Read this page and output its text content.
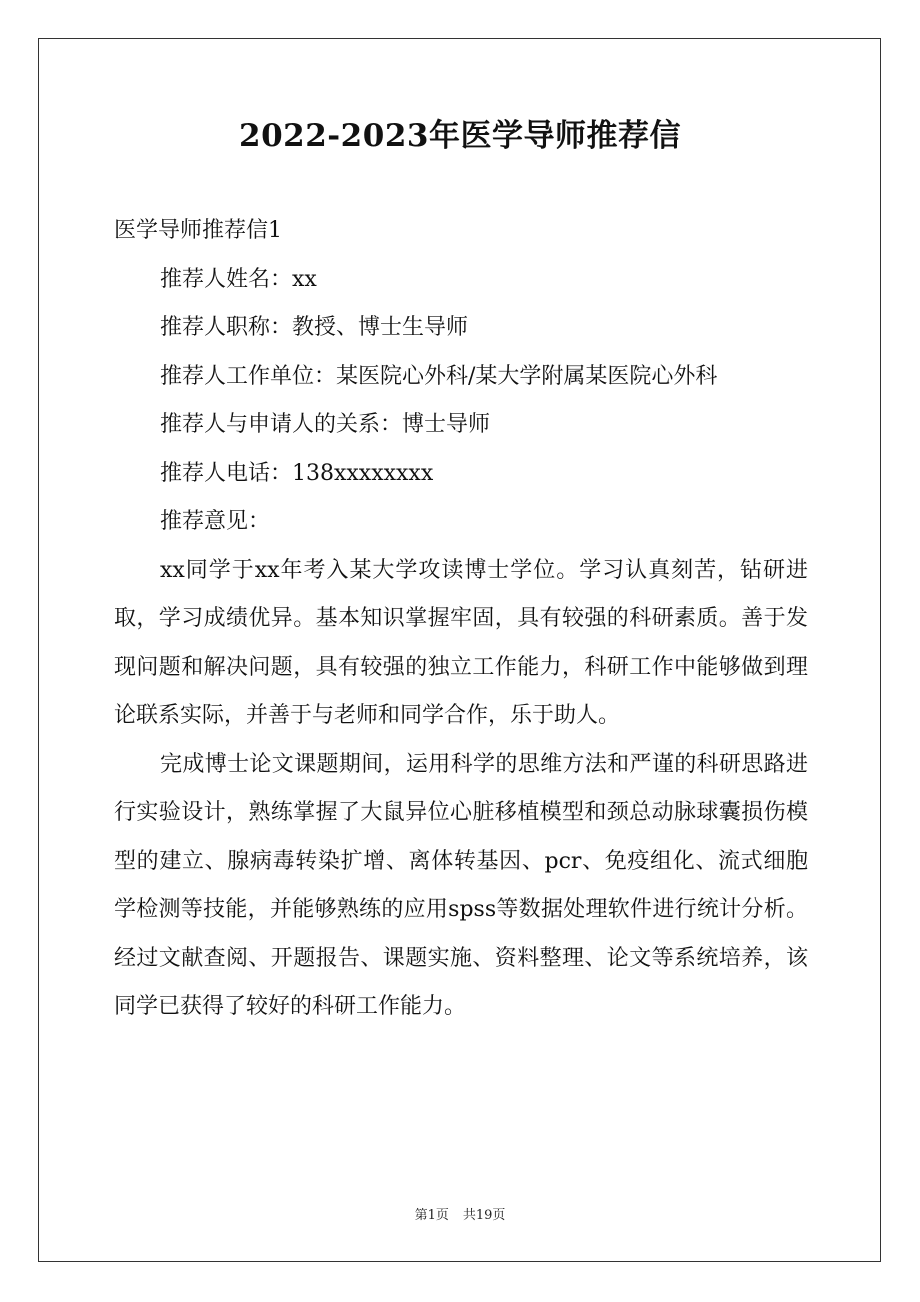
2022-2023年医学导师推荐信

医学导师推荐信1

推荐人姓名：xx

推荐人职称：教授、博士生导师

推荐人工作单位：某医院心外科/某大学附属某医院心外科

推荐人与申请人的关系：博士导师

推荐人电话：138xxxxxxxx

推荐意见：

xx同学于xx年考入某大学攻读博士学位。学习认真刻苦，钻研进取，学习成绩优异。基本知识掌握牢固，具有较强的科研素质。善于发现问题和解决问题，具有较强的独立工作能力，科研工作中能够做到理论联系实际，并善于与老师和同学合作，乐于助人。

完成博士论文课题期间，运用科学的思维方法和严谨的科研思路进行实验设计，熟练掌握了大鼠异位心脏移植模型和颈总动脉球囊损伤模型的建立、腺病毒转染扩增、离体转基因、pcr、免疫组化、流式细胞学检测等技能，并能够熟练的应用spss等数据处理软件进行统计分析。经过文献查阅、开题报告、课题实施、资料整理、论文等系统培养，该同学已获得了较好的科研工作能力。

第1页 共19页
